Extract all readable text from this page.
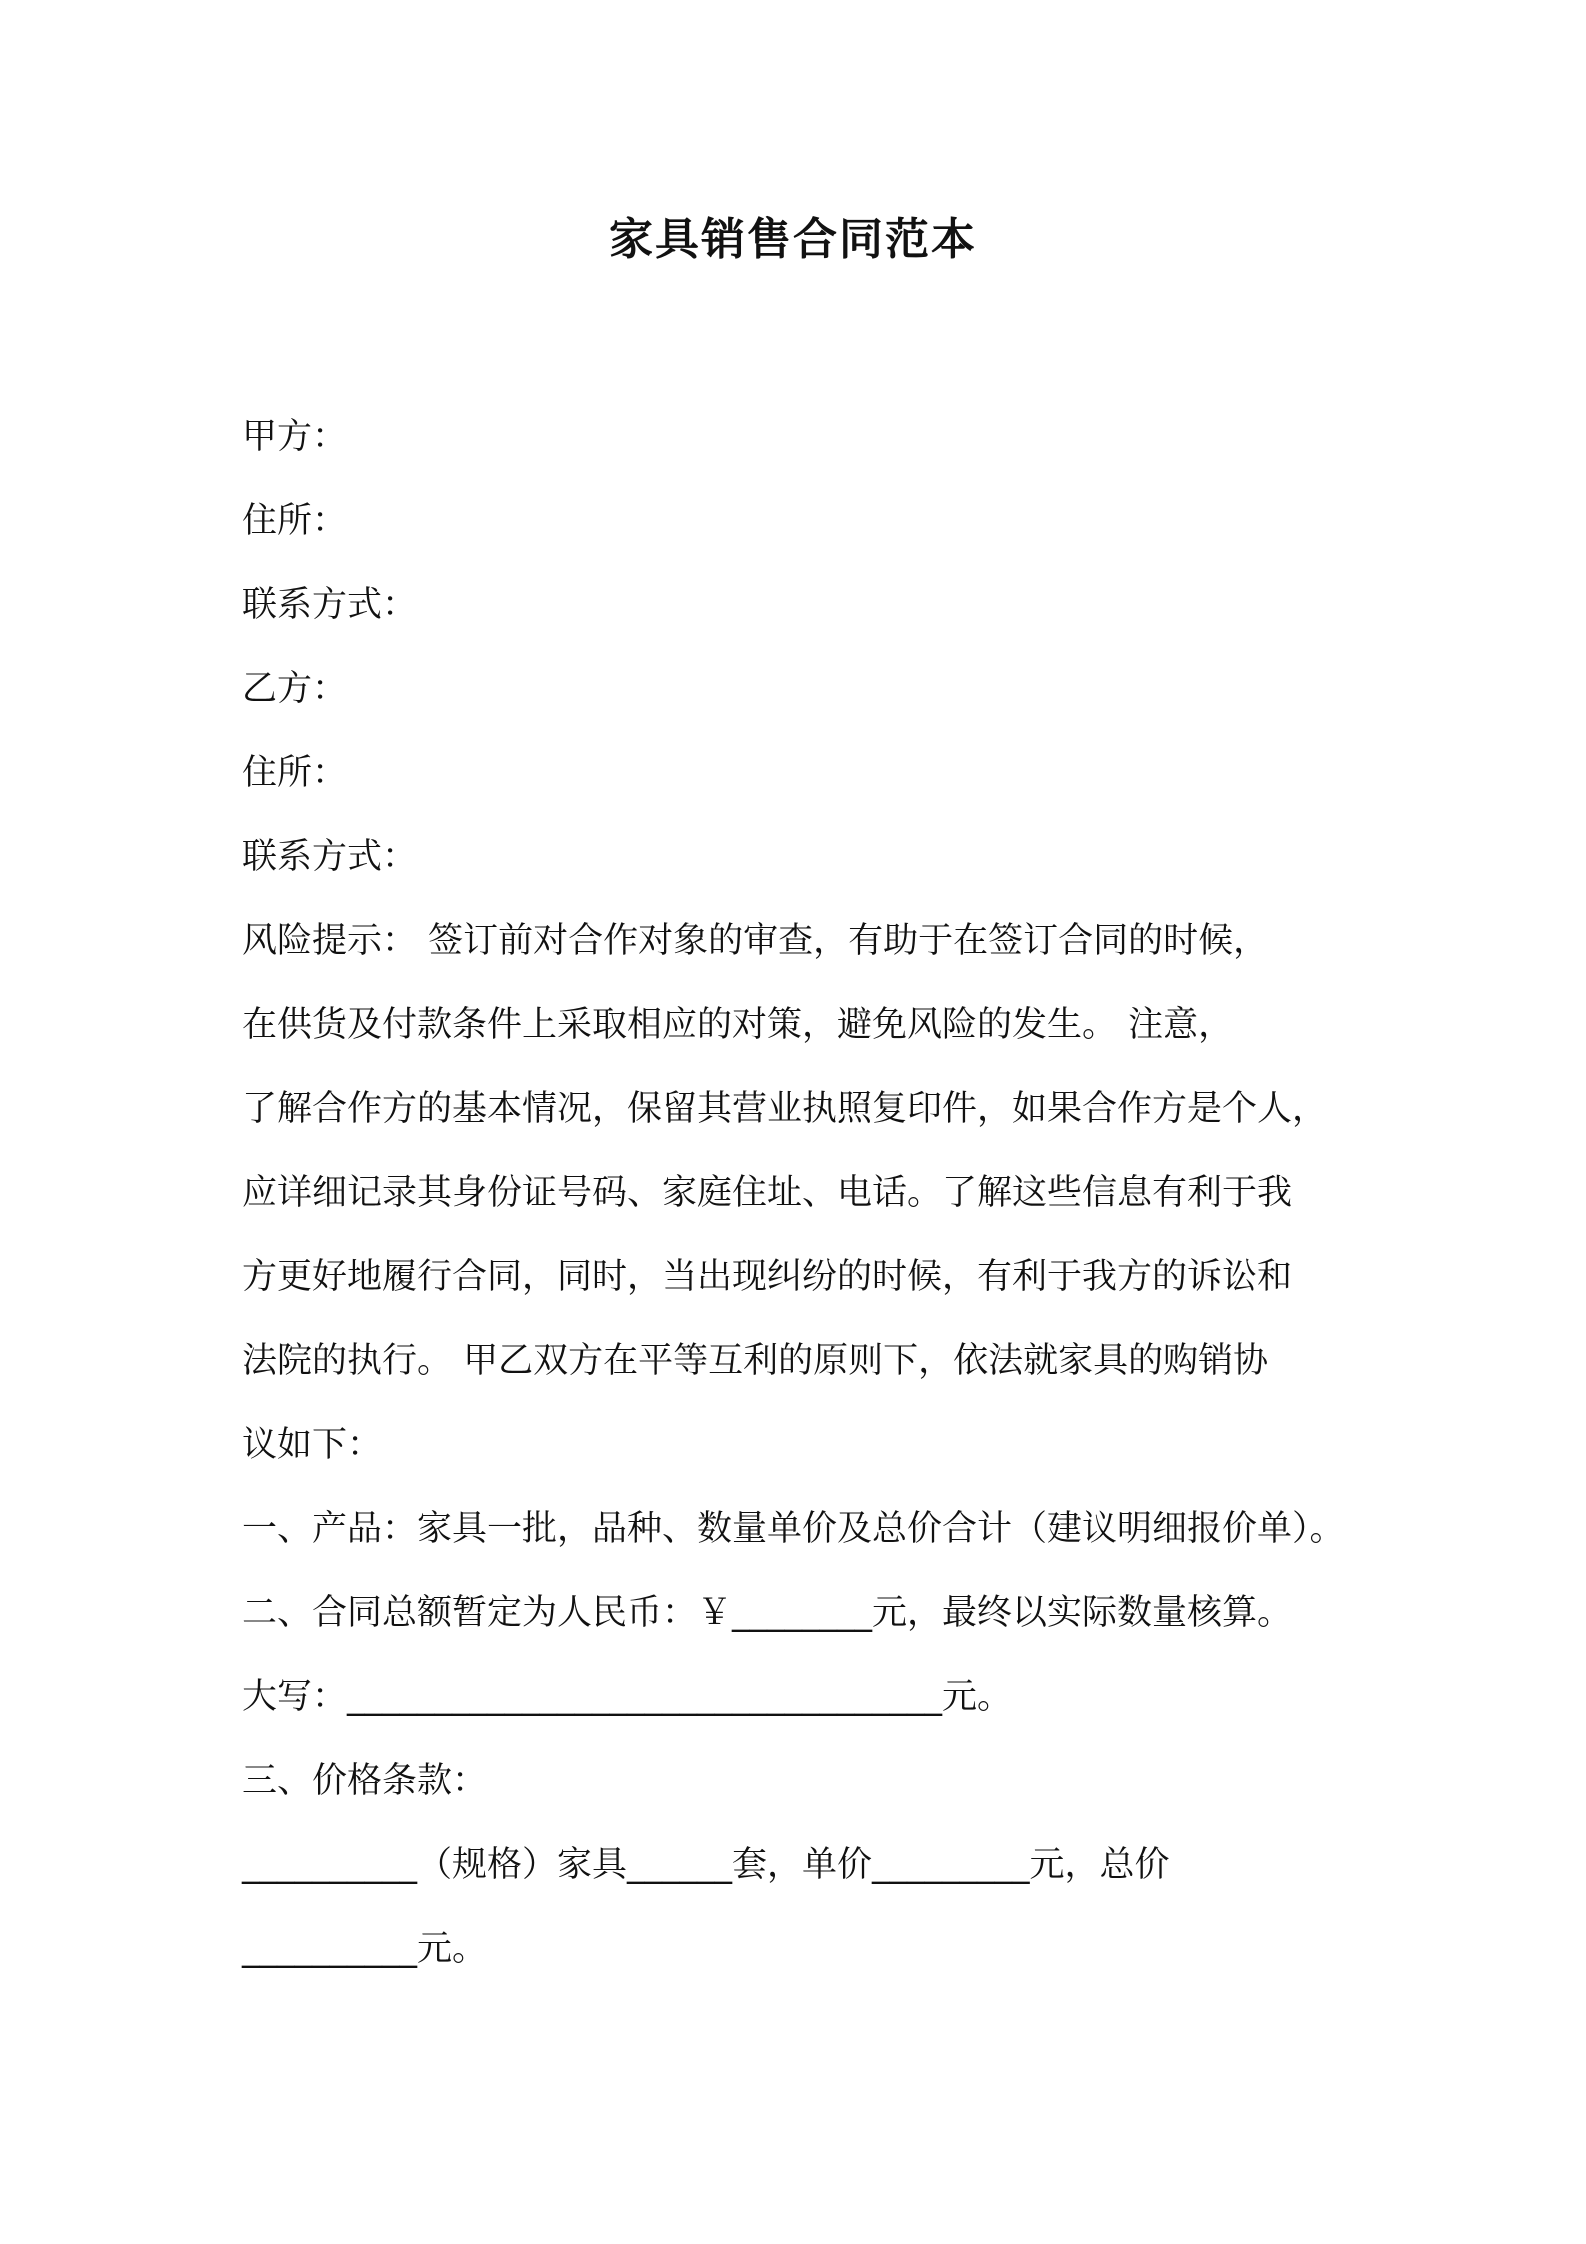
家具销售合同范本
甲方：
住所：
联系方式：
乙方：
住所：
联系方式：
风险提示： 签订前对合作对象的审查，有助于在签订合同的时候，
在供货及付款条件上采取相应的对策，避免风险的发生。 注意，
了解合作方的基本情况，保留其营业执照复印件，如果合作方是个人，
应详细记录其身份证号码、家庭住址、电话。了解这些信息有利于我
方更好地履行合同，同时，当出现纠纷的时候，有利于我方的诉讼和
法院的执行。 甲乙双方在平等互利的原则下，依法就家具的购销协
议如下：
一、产品：家具一批，品种、数量单价及总价合计（建议明细报价单）。
二、合同总额暂定为人民币：￥________元，最终以实际数量核算。
大写：__________________________________元。
三、价格条款：
__________（规格）家具______套，单价_________元，总价
__________元。
